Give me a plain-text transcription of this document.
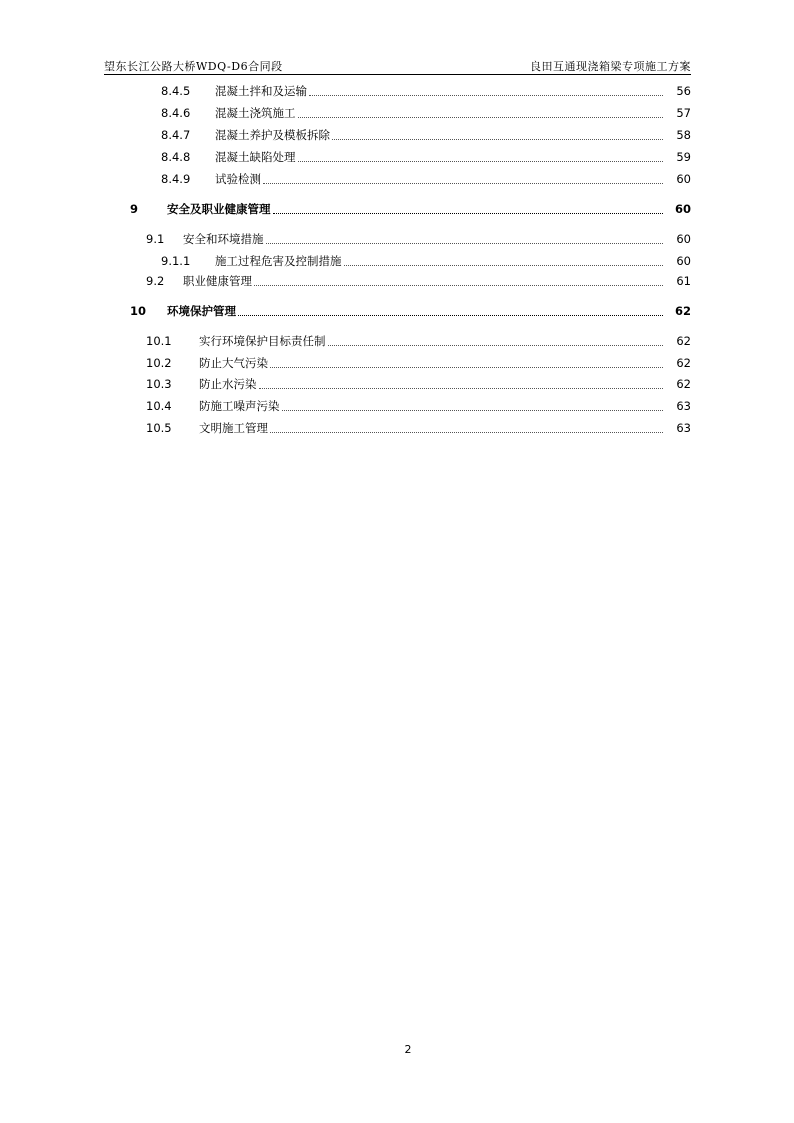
望东长江公路大桥WDQ-D6合同段	良田互通现浇箱梁专项施工方案
8.4.5 混凝土拌和及运输	56
8.4.6 混凝土浇筑施工	57
8.4.7 混凝土养护及模板拆除	58
8.4.8 混凝土缺陷处理	59
8.4.9 试验检测	60
9	安全及职业健康管理	60
9.1 安全和环境措施	60
9.1.1 施工过程危害及控制措施	60
9.2 职业健康管理	61
10 环境保护管理	62
10.1 实行环境保护目标责任制	62
10.2 防止大气污染	62
10.3 防止水污染	62
10.4 防施工噪声污染	63
10.5 文明施工管理	63
2
